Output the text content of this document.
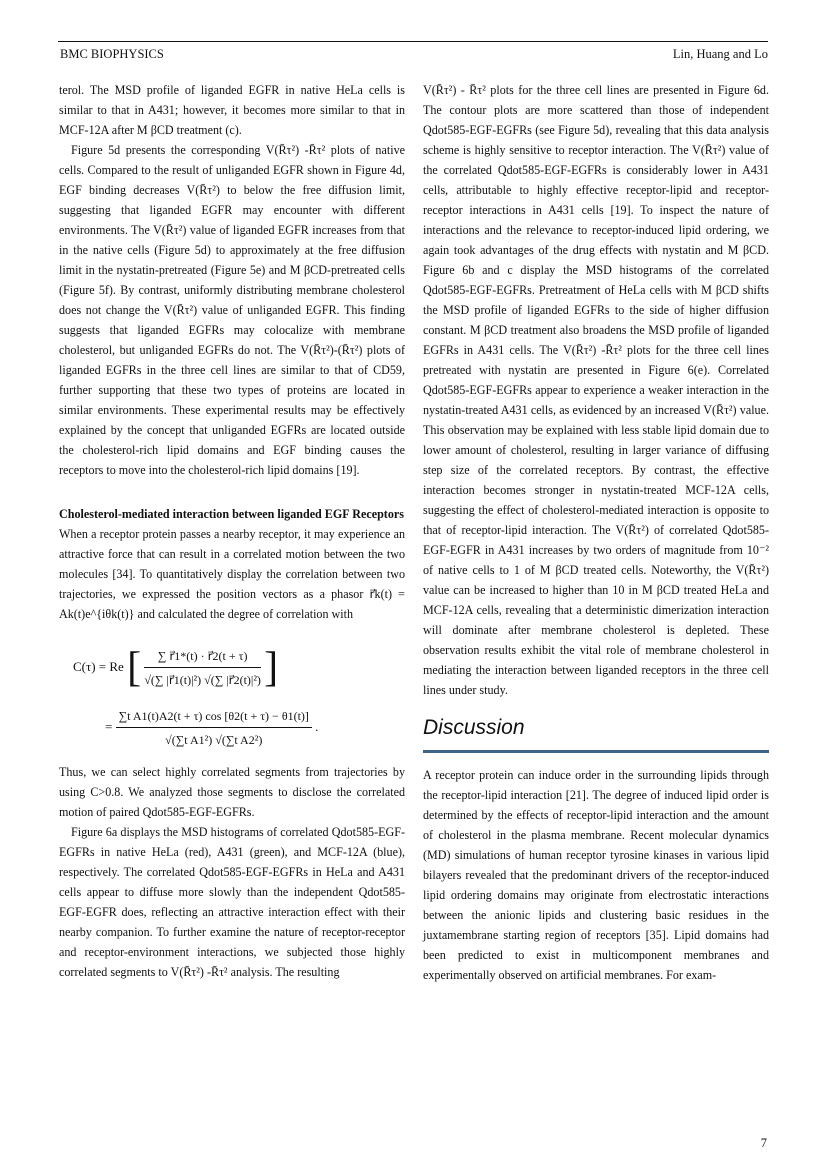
BMC BIOPHYSICS	Lin, Huang and Lo

terol. The MSD profile of liganded EGFR in native HeLa cells is similar to that in A431; however, it becomes more similar to that in MCF-12A after M βCD treatment (c).

Figure 5d presents the corresponding V(R̄τ²) -R̄τ² plots of native cells. Compared to the result of unliganded EGFR shown in Figure 4d, EGF binding decreases V(R̄τ²) to below the free diffusion limit, suggesting that liganded EGFR may encounter with different environments. The V(R̄τ²) value of liganded EGFR increases from that in the native cells (Figure 5d) to approximately at the free diffusion limit in the nystatin-pretreated (Figure 5e) and M βCD-pretreated cells (Figure 5f). By contrast, uniformly distributing membrane cholesterol does not change the V(R̄τ²) value of unliganded EGFR. This finding suggests that liganded EGFRs may colocalize with membrane cholesterol, but unliganded EGFRs do not. The V(R̄τ²)-(R̄τ²) plots of liganded EGFRs in the three cell lines are similar to that of CD59, further supporting that these two types of proteins are located in similar environments. These experimental results may be effectively explained by the concept that unliganded EGFRs are located outside the cholesterol-rich lipid domains and EGF binding causes the receptors to move into the cholesterol-rich lipid domains [19].

Cholesterol-mediated interaction between liganded EGF Receptors

When a receptor protein passes a nearby receptor, it may experience an attractive force that can result in a correlated motion between the two molecules [34]. To quantitatively display the correlation between two trajectories, we expressed the position vectors as a phasor r⃗k(t) = Ak(t)e^{iθk(t)} and calculated the degree of correlation with

C(τ) = Re [ $\frac{\sum r⃗1*(t) \cdot r⃗2(t + \tau)}{\text{√(∑ |r⃗1(t)|²) √(∑ |r⃗2(t)|²)}}$ ]
= $\frac{\text{∑t A1(t)A2(t + τ) cos [θ2(t + τ) − θ1(t)]}}{\text{√(∑t A1²) √(∑t A2²)}}$ .

Thus, we can select highly correlated segments from trajectories by using C>0.8. We analyzed those segments to disclose the correlated motion of paired Qdot585-EGF-EGFRs.

Figure 6a displays the MSD histograms of correlated Qdot585-EGF-EGFRs in native HeLa (red), A431 (green), and MCF-12A (blue), respectively. The correlated Qdot585-EGF-EGFRs in HeLa and A431 cells appear to diffuse more slowly than the independent Qdot585-EGF-EGFR does, reflecting an attractive interaction effect with their nearby companion. To further examine the nature of receptor-receptor and receptor-environment interactions, we subjected those highly correlated segments to V(R̄τ²) -R̄τ² analysis. The resulting

V(R̄τ²) - R̄τ² plots for the three cell lines are presented in Figure 6d. The contour plots are more scattered than those of independent Qdot585-EGF-EGFRs (see Figure 5d), revealing that this data analysis scheme is highly sensitive to receptor interaction. The V(R̄τ²) value of the correlated Qdot585-EGF-EGFRs is considerably lower in A431 cells, attributable to highly effective receptor-lipid and receptor-receptor interactions in A431 cells [19]. To inspect the nature of interactions and the relevance to receptor-induced lipid ordering, we again took advantages of the drug effects with nystatin and M βCD. Figure 6b and c display the MSD histograms of the correlated Qdot585-EGF-EGFRs. Pretreatment of HeLa cells with M βCD shifts the MSD profile of liganded EGFRs to the side of higher diffusion constant. M βCD treatment also broadens the MSD profile of liganded EGFRs in A431 cells. The V(R̄τ²) -R̄τ² plots for the three cell lines pretreated with nystatin are presented in Figure 6(e). Correlated Qdot585-EGF-EGFRs appear to experience a weaker interaction in the nystatin-treated A431 cells, as evidenced by an increased V(R̄τ²) value. This observation may be explained with less stable lipid domain due to lower amount of cholesterol, resulting in larger variance of diffusing step size of the correlated receptors. By contrast, the effective interaction becomes stronger in nystatin-treated MCF-12A cells, suggesting the effect of cholesterol-mediated interaction is opposite to that of receptor-lipid interaction. The V(R̄τ²) of correlated Qdot585-EGF-EGFR in A431 increases by two orders of magnitude from 10⁻² of native cells to 1 of M βCD treated cells. Noteworthy, the V(R̄τ²) value can be increased to higher than 10 in M βCD treated HeLa and MCF-12A cells, revealing that a deterministic dimerization interaction will dominate after membrane cholesterol is depleted. These observation results exhibit the vital role of membrane cholesterol in mediating the interaction between liganded receptors in the three cell lines under study.

Discussion

A receptor protein can induce order in the surrounding lipids through the receptor-lipid interaction [21]. The degree of induced lipid order is determined by the effects of receptor-lipid interaction and the amount of cholesterol in the plasma membrane. Recent molecular dynamics (MD) simulations of human receptor tyrosine kinases in various lipid bilayers revealed that the predominant drivers of the receptor-induced lipid ordering domains may originate from electrostatic interactions between the anionic lipids and clustering basic residues in the juxtamembrane starting region of receptors [35]. Lipid domains had been predicted to exist in multicomponent membranes and experimentally observed on artificial membranes. For exam-

7
